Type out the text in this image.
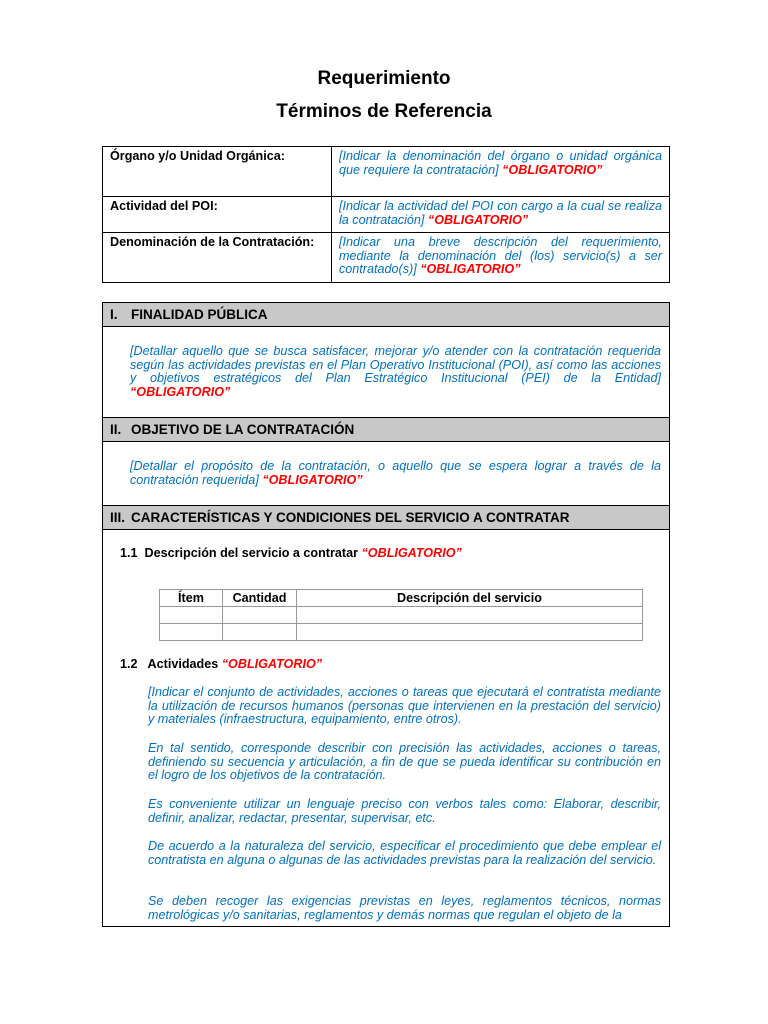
Requerimiento
Términos de Referencia
Órgano y/o Unidad Orgánica:	[Indicar la denominación del órgano o unidad orgánica que requiere la contratación] “OBLIGATORIO”
Actividad del POI:	[Indicar la actividad del POI con cargo a la cual se realiza la contratación] “OBLIGATORIO”
Denominación de la Contratación:	[Indicar una breve descripción del requerimiento, mediante la denominación del (los) servicio(s) a ser contratado(s)] “OBLIGATORIO”
I. FINALIDAD PÚBLICA
[Detallar aquello que se busca satisfacer, mejorar y/o atender con la contratación requerida según las actividades previstas en el Plan Operativo Institucional (POI), así como las acciones y objetivos estratégicos del Plan Estratégico Institucional (PEI) de la Entidad] “OBLIGATORIO”
II. OBJETIVO DE LA CONTRATACIÓN
[Detallar el propósito de la contratación, o aquello que se espera lograr a través de la contratación requerida] “OBLIGATORIO”
III. CARACTERÍSTICAS Y CONDICIONES DEL SERVICIO A CONTRATAR
1.1 Descripción del servicio a contratar “OBLIGATORIO”
Ítem	Cantidad	Descripción del servicio

1.2 Actividades “OBLIGATORIO”
[Indicar el conjunto de actividades, acciones o tareas que ejecutará el contratista mediante la utilización de recursos humanos (personas que intervienen en la prestación del servicio) y materiales (infraestructura, equipamiento, entre otros).
En tal sentido, corresponde describir con precisión las actividades, acciones o tareas, definiendo su secuencia y articulación, a fin de que se pueda identificar su contribución en el logro de los objetivos de la contratación.
Es conveniente utilizar un lenguaje preciso con verbos tales como: Elaborar, describir, definir, analizar, redactar, presentar, supervisar, etc.
De acuerdo a la naturaleza del servicio, especificar el procedimiento que debe emplear el contratista en alguna o algunas de las actividades previstas para la realización del servicio.
Se deben recoger las exigencias previstas en leyes, reglamentos técnicos, normas metrológicas y/o sanitarias, reglamentos y demás normas que regulan el objeto de la
